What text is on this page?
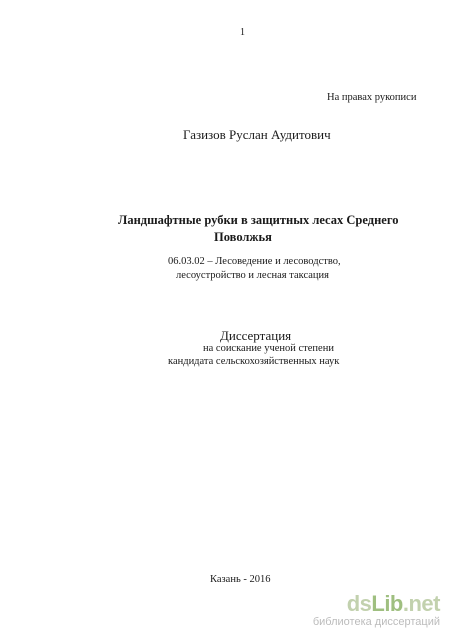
1
На правах рукописи
Газизов Руслан Аудитович
Ландшафтные рубки в защитных лесах Среднего
Поволжья
06.03.02 – Лесоведение и лесоводство,
лесоустройство и лесная таксация
Диссертация
на соискание ученой степени
кандидата сельскохозяйственных наук
Казань - 2016
dsLib.net
библиотека диссертаций
